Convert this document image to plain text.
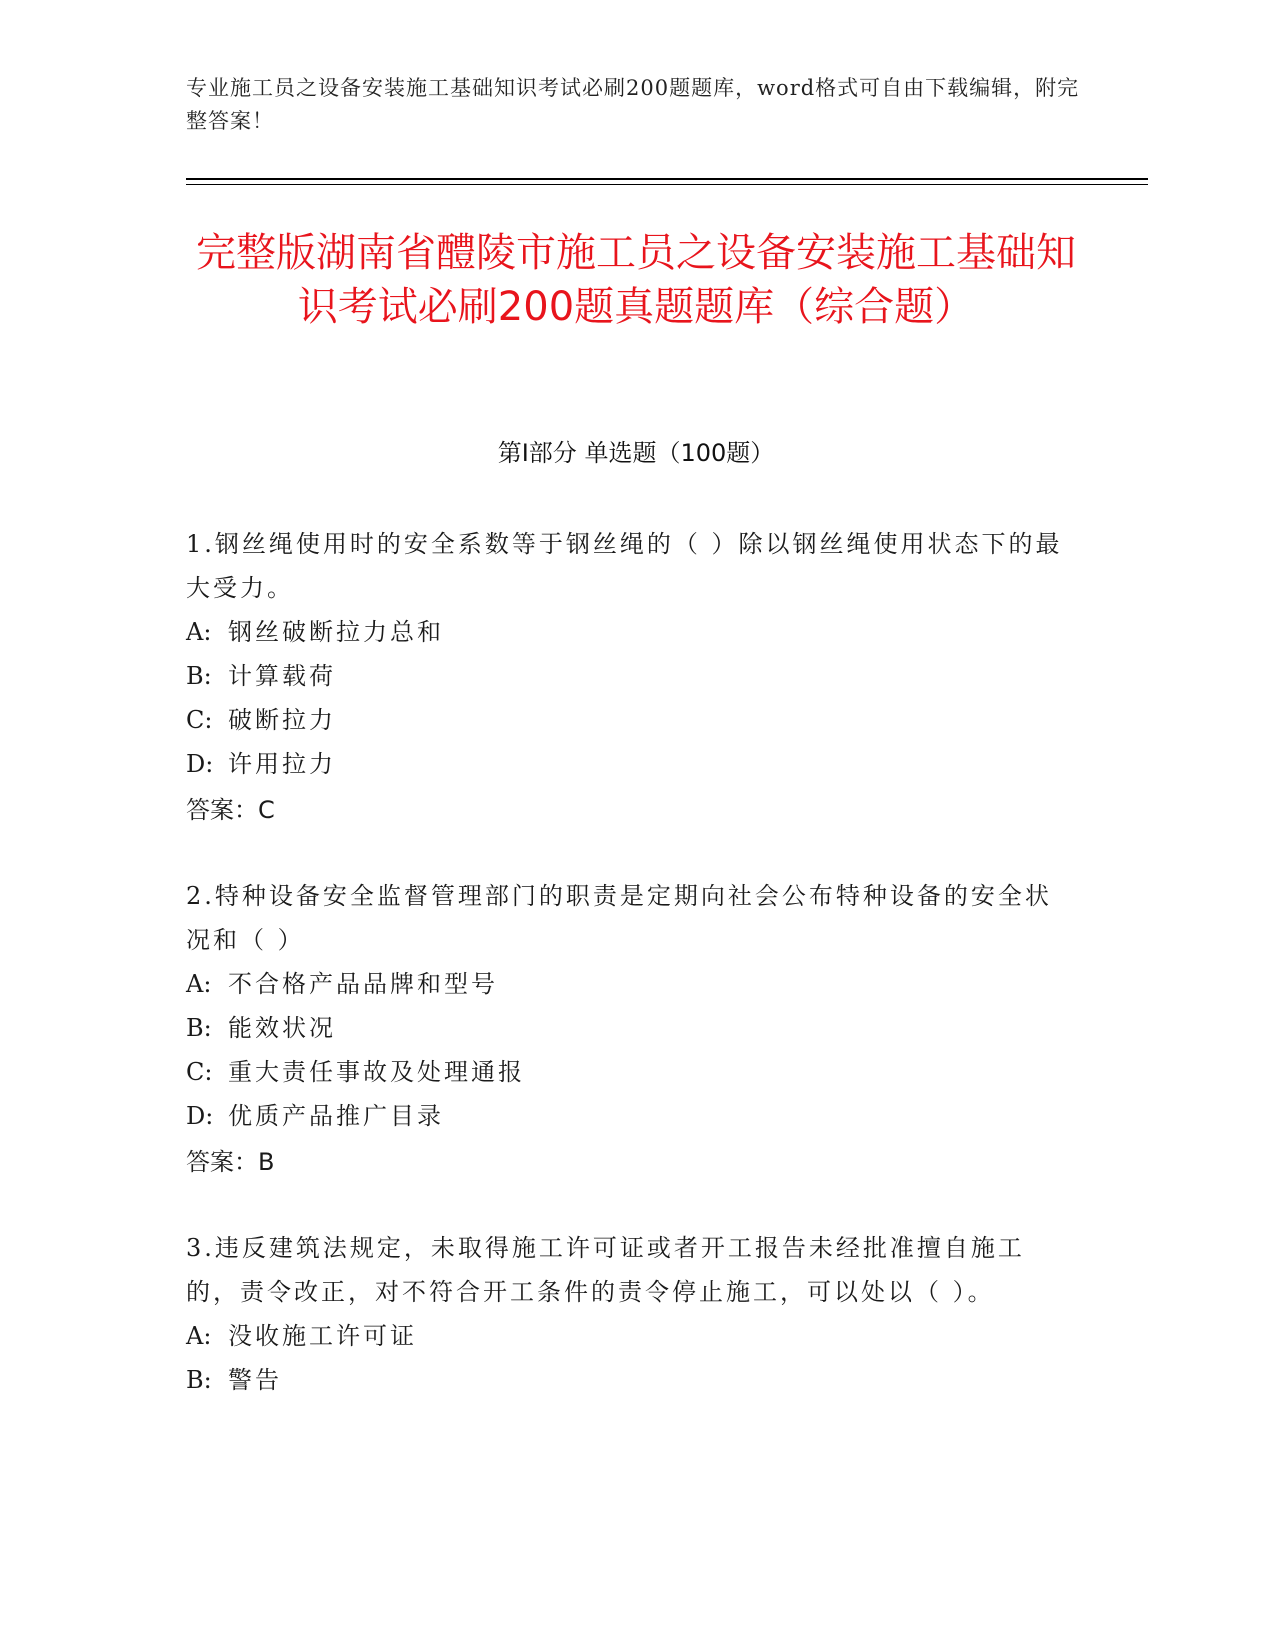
专业施工员之设备安装施工基础知识考试必刷200题题库，word格式可自由下载编辑，附完整答案！
完整版湖南省醴陵市施工员之设备安装施工基础知识考试必刷200题真题题库（综合题）
第I部分 单选题（100题）

1.钢丝绳使用时的安全系数等于钢丝绳的（ ）除以钢丝绳使用状态下的最大受力。

A: 钢丝破断拉力总和

B: 计算载荷

C: 破断拉力

D: 许用拉力

答案：C

2.特种设备安全监督管理部门的职责是定期向社会公布特种设备的安全状况和（ ）

A: 不合格产品品牌和型号

B: 能效状况

C: 重大责任事故及处理通报

D: 优质产品推广目录

答案：B

3.违反建筑法规定，未取得施工许可证或者开工报告未经批准擅自施工的，责令改正，对不符合开工条件的责令停止施工，可以处以（ ）。

A: 没收施工许可证

B: 警告
